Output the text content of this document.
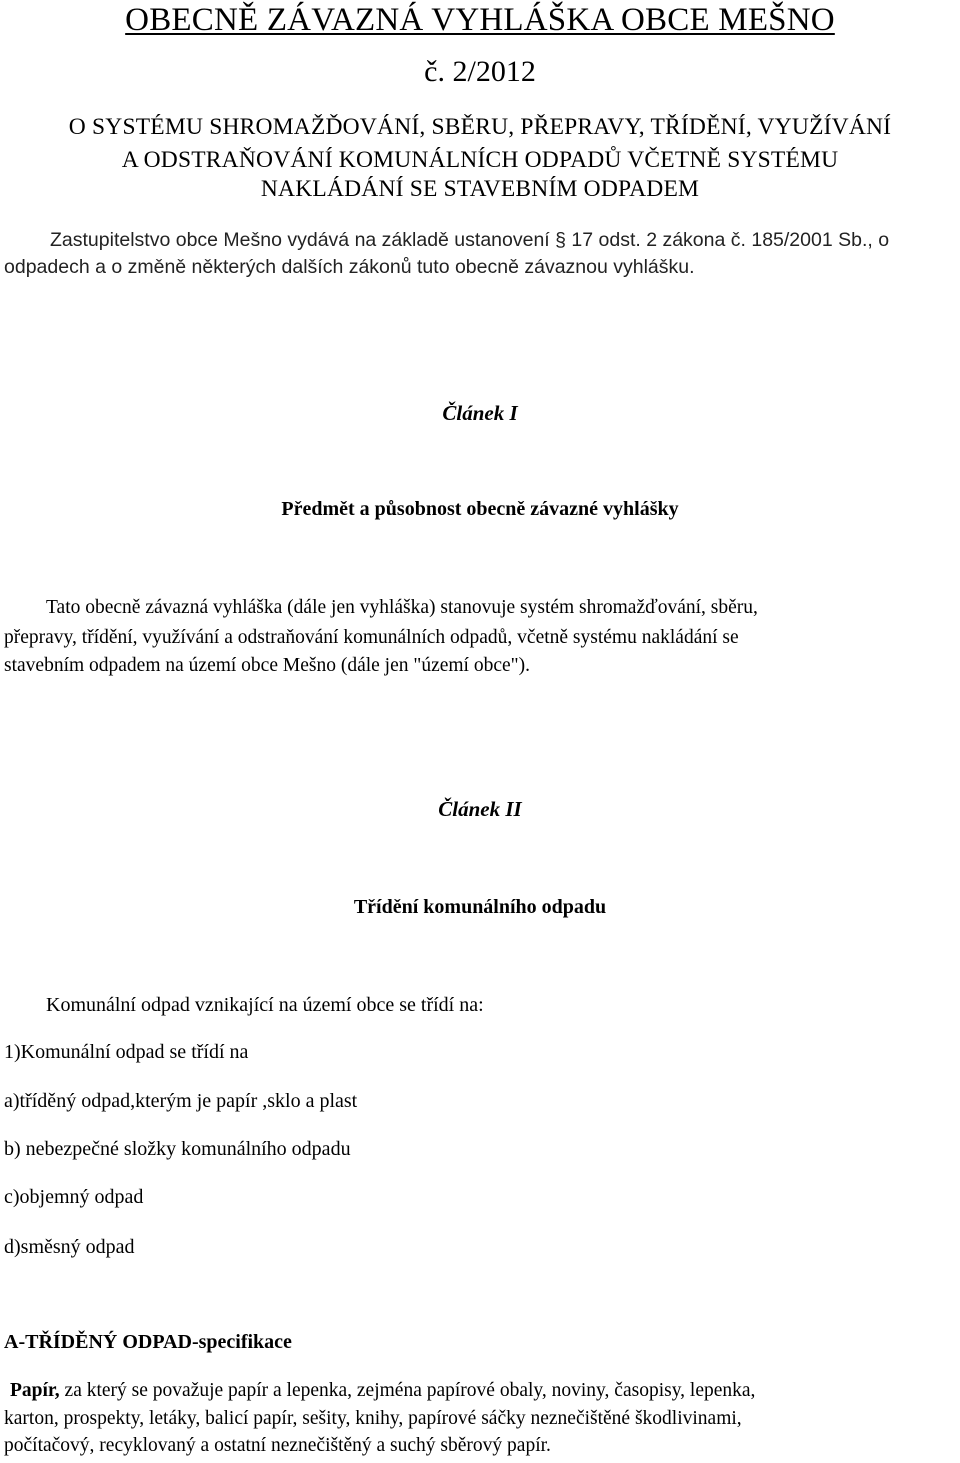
OBECNĚ ZÁVAZNÁ VYHLÁŠKA OBCE MEŠNO
č. 2/2012
O SYSTÉMU SHROMAŽĎOVÁNÍ, SBĚRU, PŘEPRAVY, TŘÍDĚNÍ, VYUŽÍVÁNÍ
A ODSTRAŇOVÁNÍ KOMUNÁLNÍCH ODPADŮ VČETNĚ SYSTÉMU
NAKLÁDÁNÍ SE STAVEBNÍM ODPADEM
Zastupitelstvo obce Mešno vydává na základě ustanovení § 17 odst. 2 zákona č. 185/2001 Sb., o
odpadech a o změně některých dalších zákonů tuto obecně závaznou vyhlášku.
Článek I
Předmět a působnost obecně závazné vyhlášky
Tato obecně závazná vyhláška (dále jen vyhláška) stanovuje systém shromažďování, sběru,
přepravy, třídění, využívání a odstraňování komunálních odpadů, včetně systému nakládání se
stavebním odpadem na území obce Mešno (dále jen "území obce").
Článek II
Třídění komunálního odpadu
Komunální odpad vznikající na území obce se třídí na:
1)Komunální odpad se třídí na
a)tříděný odpad,kterým je papír ,sklo a plast
b) nebezpečné složky komunálního odpadu
c)objemný odpad
d)směsný odpad
A-TŘÍDĚNÝ ODPAD-specifikace
Papír, za který se považuje papír a lepenka, zejména papírové obaly, noviny, časopisy, lepenka,
karton, prospekty, letáky, balicí papír, sešity, knihy, papírové sáčky neznečištěné škodlivinami,
počítačový, recyklovaný a ostatní neznečištěný a suchý sběrový papír.
